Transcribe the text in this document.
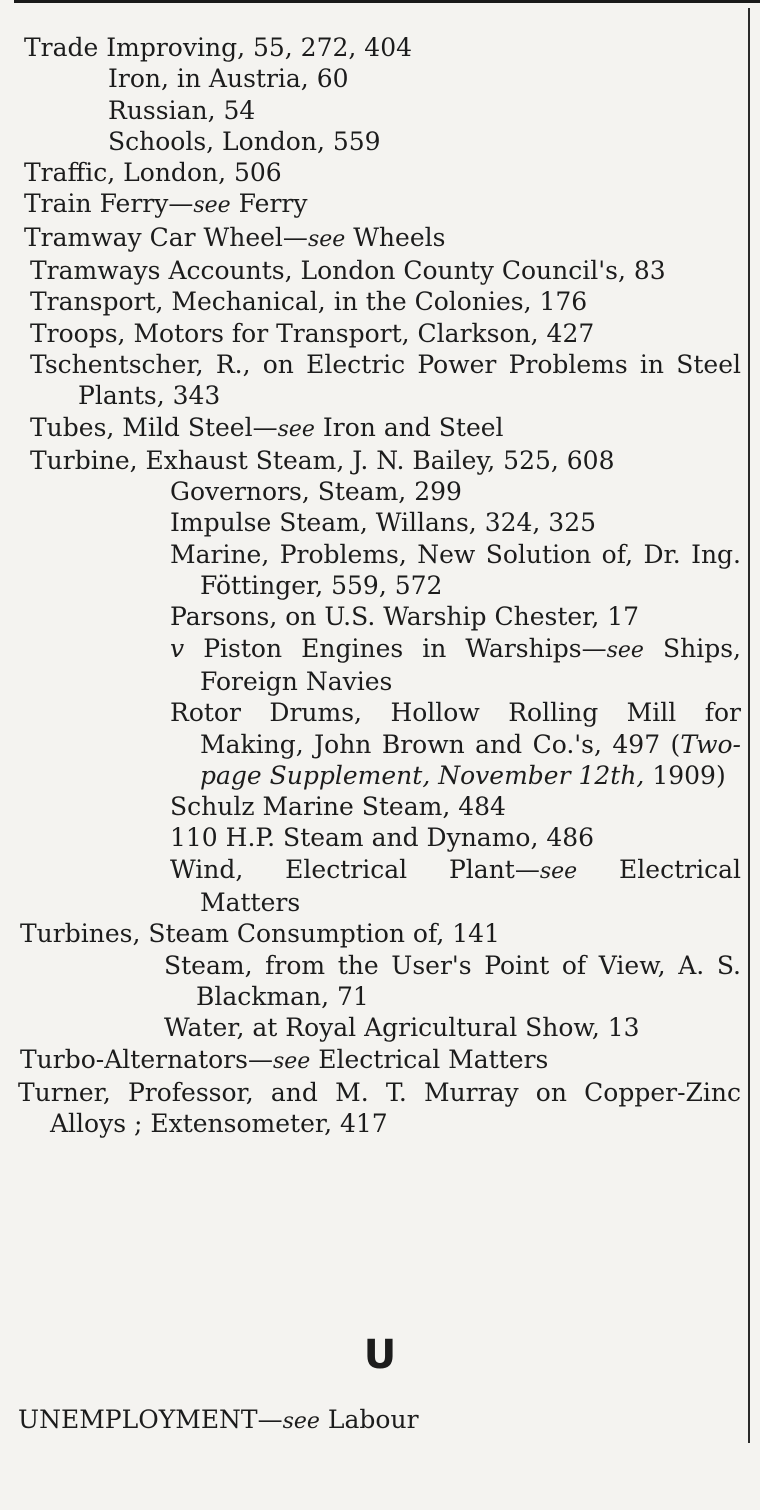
Trade Improving, 55, 272, 404
Iron, in Austria, 60
Russian, 54
Schools, London, 559
Traffic, London, 506
Train Ferry—see Ferry
Tramway Car Wheel—see Wheels
Tramways Accounts, London County Council's, 83
Transport, Mechanical, in the Colonies, 176
Troops, Motors for Transport, Clarkson, 427
Tschentscher, R., on Electric Power Problems in Steel Plants, 343
Tubes, Mild Steel—see Iron and Steel
Turbine, Exhaust Steam, J. N. Bailey, 525, 608
Governors, Steam, 299
Impulse Steam, Willans, 324, 325
Marine, Problems, New Solution of, Dr. Ing. Föttinger, 559, 572
Parsons, on U.S. Warship Chester, 17
v Piston Engines in Warships—see Ships, Foreign Navies
Rotor Drums, Hollow Rolling Mill for Making, John Brown and Co.'s, 497 (Two-page Supplement, November 12th, 1909)
Schulz Marine Steam, 484
110 H.P. Steam and Dynamo, 486
Wind, Electrical Plant—see Electrical Matters
Turbines, Steam Consumption of, 141
Steam, from the User's Point of View, A. S. Blackman, 71
Water, at Royal Agricultural Show, 13
Turbo-Alternators—see Electrical Matters
Turner, Professor, and M. T. Murray on Copper-Zinc Alloys ; Extensometer, 417
U
UNEMPLOYMENT—see Labour
